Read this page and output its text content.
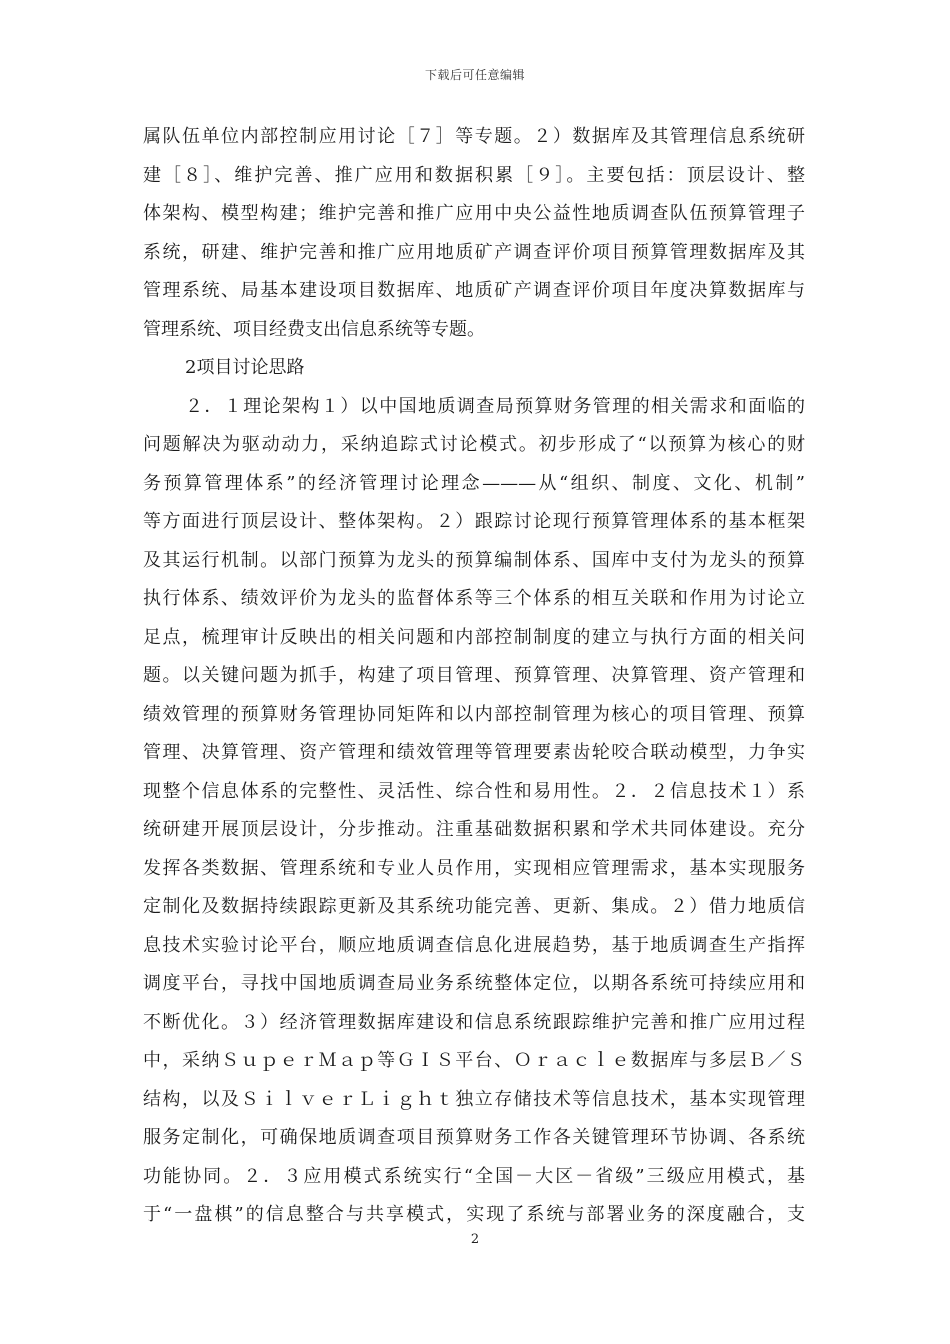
下载后可任意编辑
属队伍单位内部控制应用讨论［７］等专题。２）数据库及其管理信息系统研
建［８］、维护完善、推广应用和数据积累［９］。主要包括：顶层设计、整
体架构、模型构建；维护完善和推广应用中央公益性地质调查队伍预算管理子
系统，研建、维护完善和推广应用地质矿产调查评价项目预算管理数据库及其
管理系统、局基本建设项目数据库、地质矿产调查评价项目年度决算数据库与
管理系统、项目经费支出信息系统等专题。
2项目讨论思路
２．１理论架构１）以中国地质调查局预算财务管理的相关需求和面临的
问题解决为驱动动力，采纳追踪式讨论模式。初步形成了“以预算为核心的财
务预算管理体系”的经济管理讨论理念———从“组织、制度、文化、机制”
等方面进行顶层设计、整体架构。２）跟踪讨论现行预算管理体系的基本框架
及其运行机制。以部门预算为龙头的预算编制体系、国库中支付为龙头的预算
执行体系、绩效评价为龙头的监督体系等三个体系的相互关联和作用为讨论立
足点，梳理审计反映出的相关问题和内部控制制度的建立与执行方面的相关问
题。以关键问题为抓手，构建了项目管理、预算管理、决算管理、资产管理和
绩效管理的预算财务管理协同矩阵和以内部控制管理为核心的项目管理、预算
管理、决算管理、资产管理和绩效管理等管理要素齿轮咬合联动模型，力争实
现整个信息体系的完整性、灵活性、综合性和易用性。２．２信息技术１）系
统研建开展顶层设计，分步推动。注重基础数据积累和学术共同体建设。充分
发挥各类数据、管理系统和专业人员作用，实现相应管理需求，基本实现服务
定制化及数据持续跟踪更新及其系统功能完善、更新、集成。２）借力地质信
息技术实验讨论平台，顺应地质调查信息化进展趋势，基于地质调查生产指挥
调度平台，寻找中国地质调查局业务系统整体定位，以期各系统可持续应用和
不断优化。３）经济管理数据库建设和信息系统跟踪维护完善和推广应用过程
中，采纳ＳｕｐｅｒＭａｐ等ＧＩＳ平台、Ｏｒａｃｌｅ数据库与多层Ｂ／Ｓ
结构，以及ＳｉｌｖｅｒＬｉｇｈｔ独立存储技术等信息技术，基本实现管理
服务定制化，可确保地质调查项目预算财务工作各关键管理环节协调、各系统
功能协同。２．３应用模式系统实行“全国－大区－省级”三级应用模式，基
于“一盘棋”的信息整合与共享模式，实现了系统与部署业务的深度融合，支
2
